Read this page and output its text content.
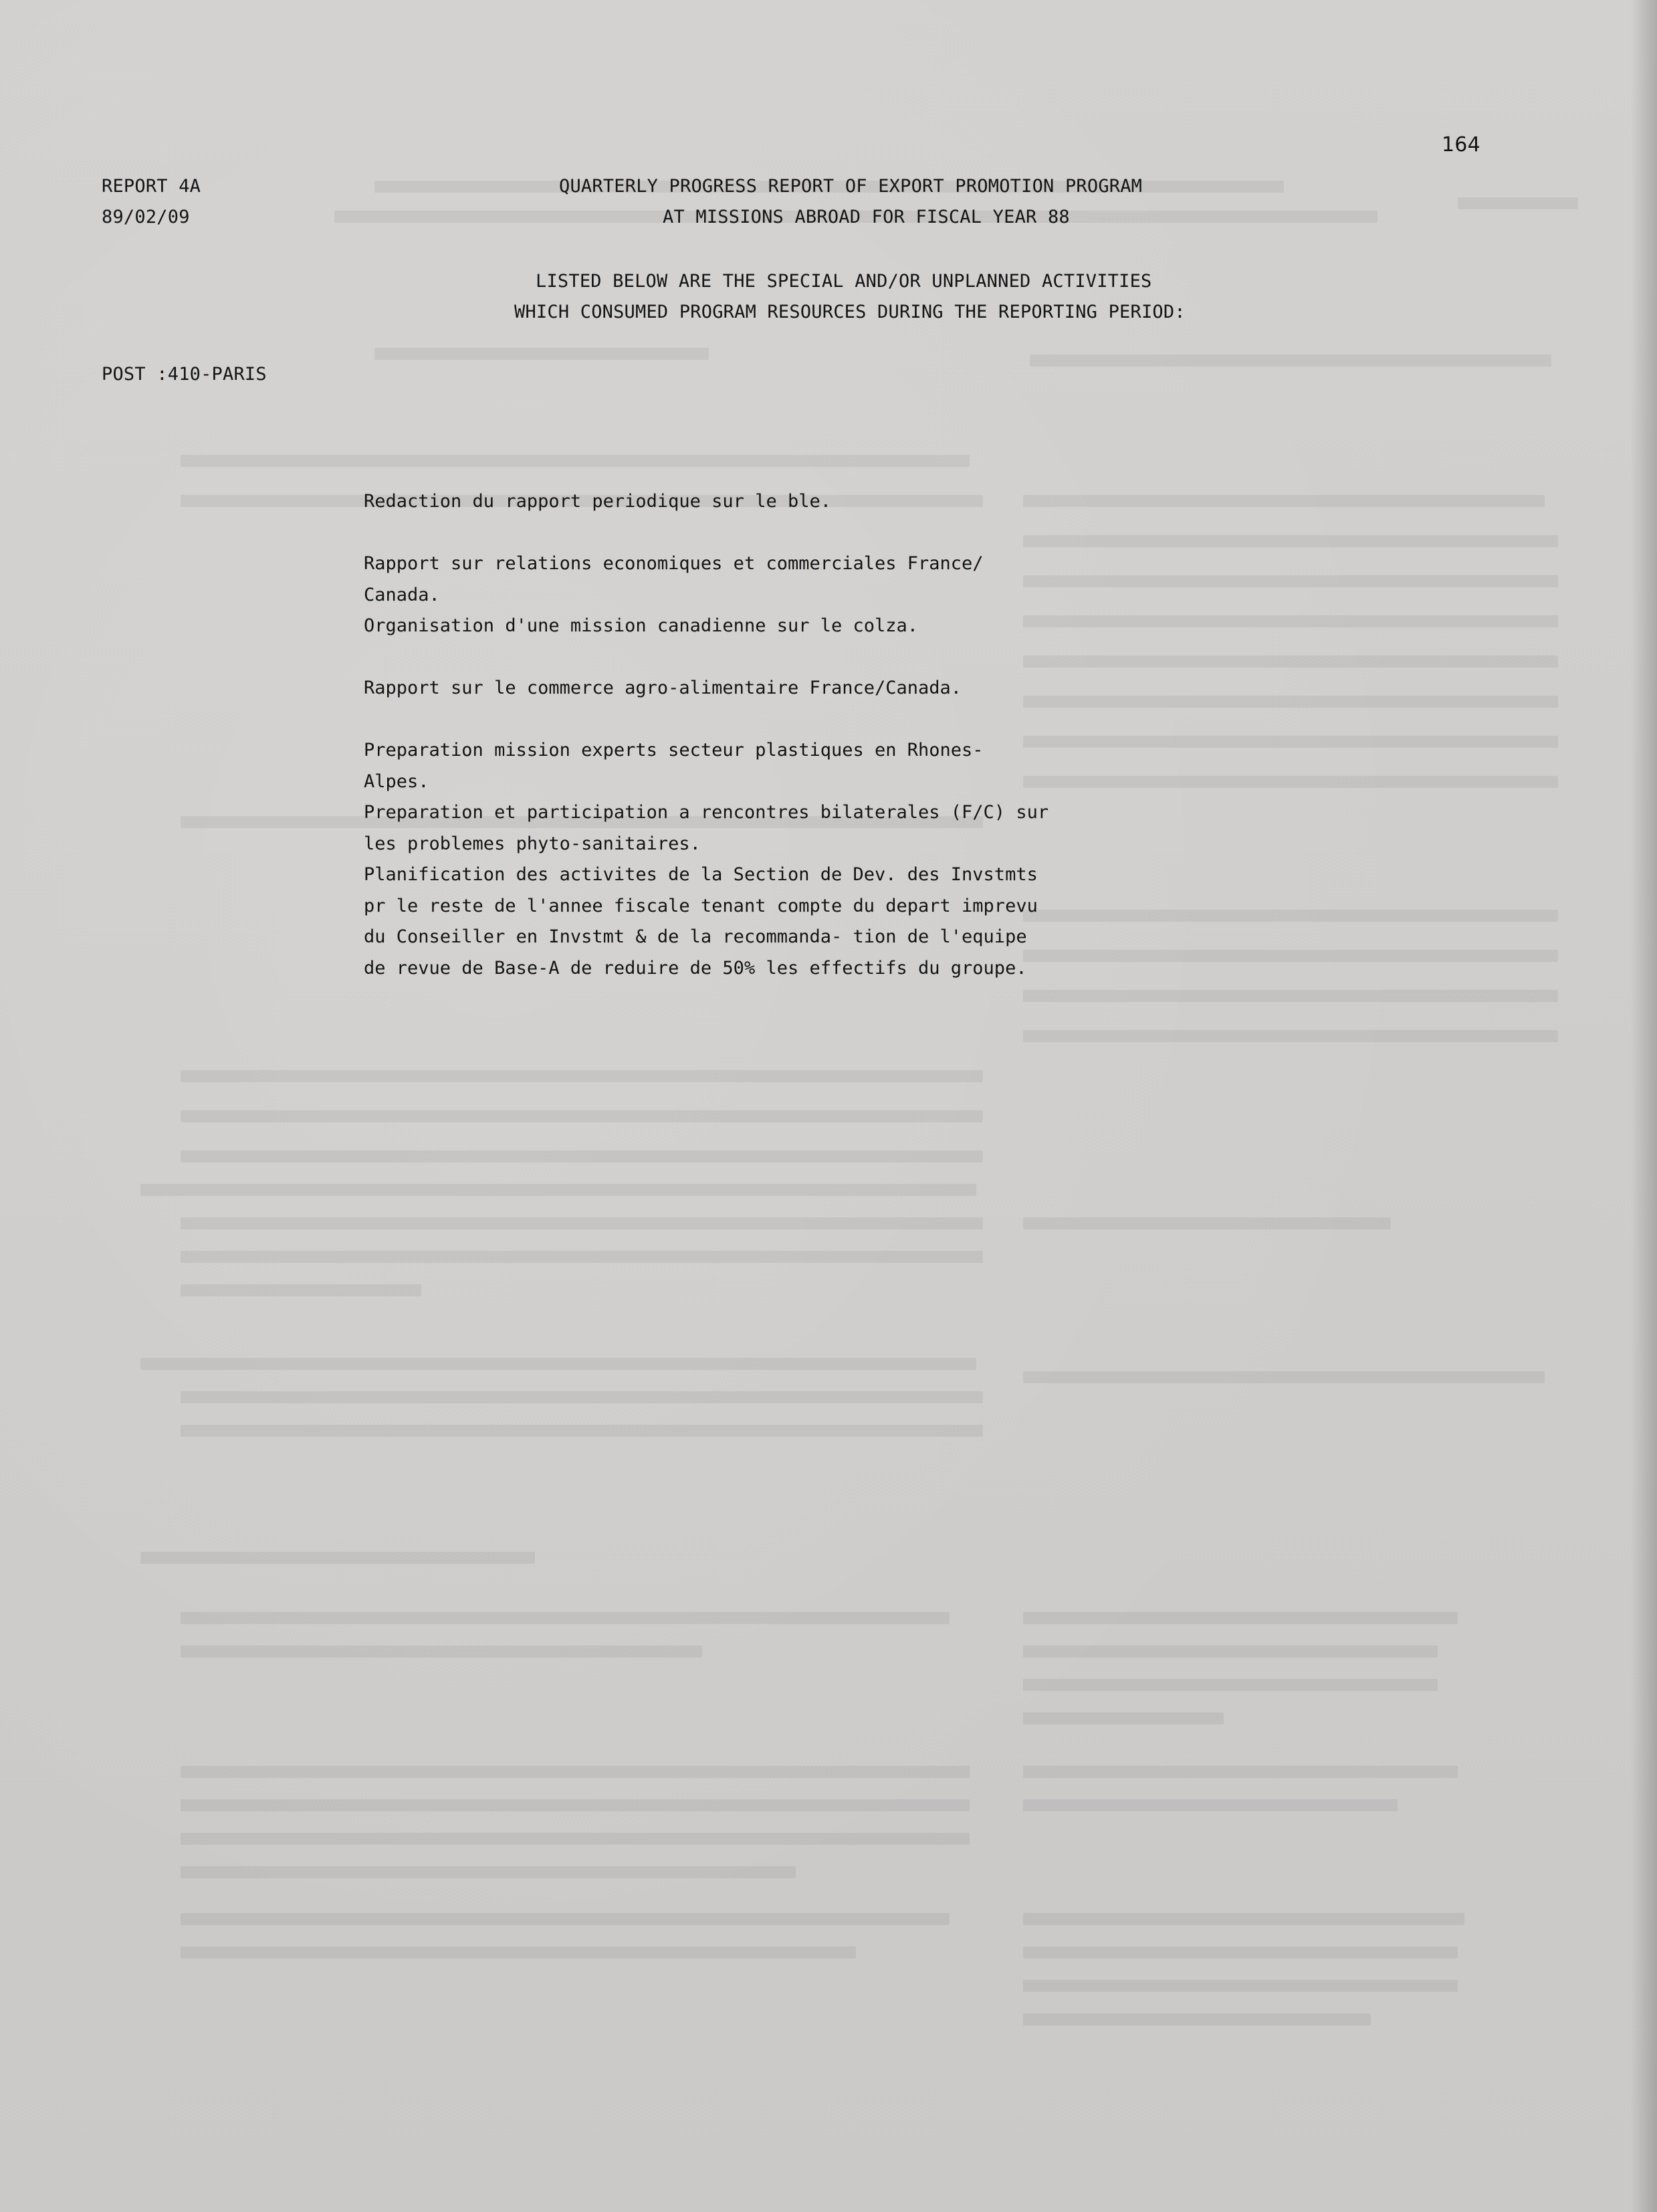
164
REPORT 4A
89/02/09
QUARTERLY PROGRESS REPORT OF EXPORT PROMOTION PROGRAM
AT MISSIONS ABROAD FOR FISCAL YEAR 88
LISTED BELOW ARE THE SPECIAL AND/OR UNPLANNED ACTIVITIES
WHICH CONSUMED PROGRAM RESOURCES DURING THE REPORTING PERIOD:
POST :410-PARIS

Redaction du rapport periodique sur le ble.

Rapport sur relations economiques et commerciales France/ Canada.

Organisation d'une mission canadienne sur le colza.

Rapport sur le commerce agro-alimentaire France/Canada.

Preparation mission experts secteur plastiques en Rhones- Alpes.

Preparation et participation a rencontres bilaterales (F/C) sur les problemes phyto-sanitaires.

Planification des activites de la Section de Dev. des Invstmts pr le reste de l'annee fiscale tenant compte du depart imprevu du Conseiller en Invstmt & de la recommanda- tion de l'equipe de revue de Base-A de reduire de 50% les effectifs du groupe.
